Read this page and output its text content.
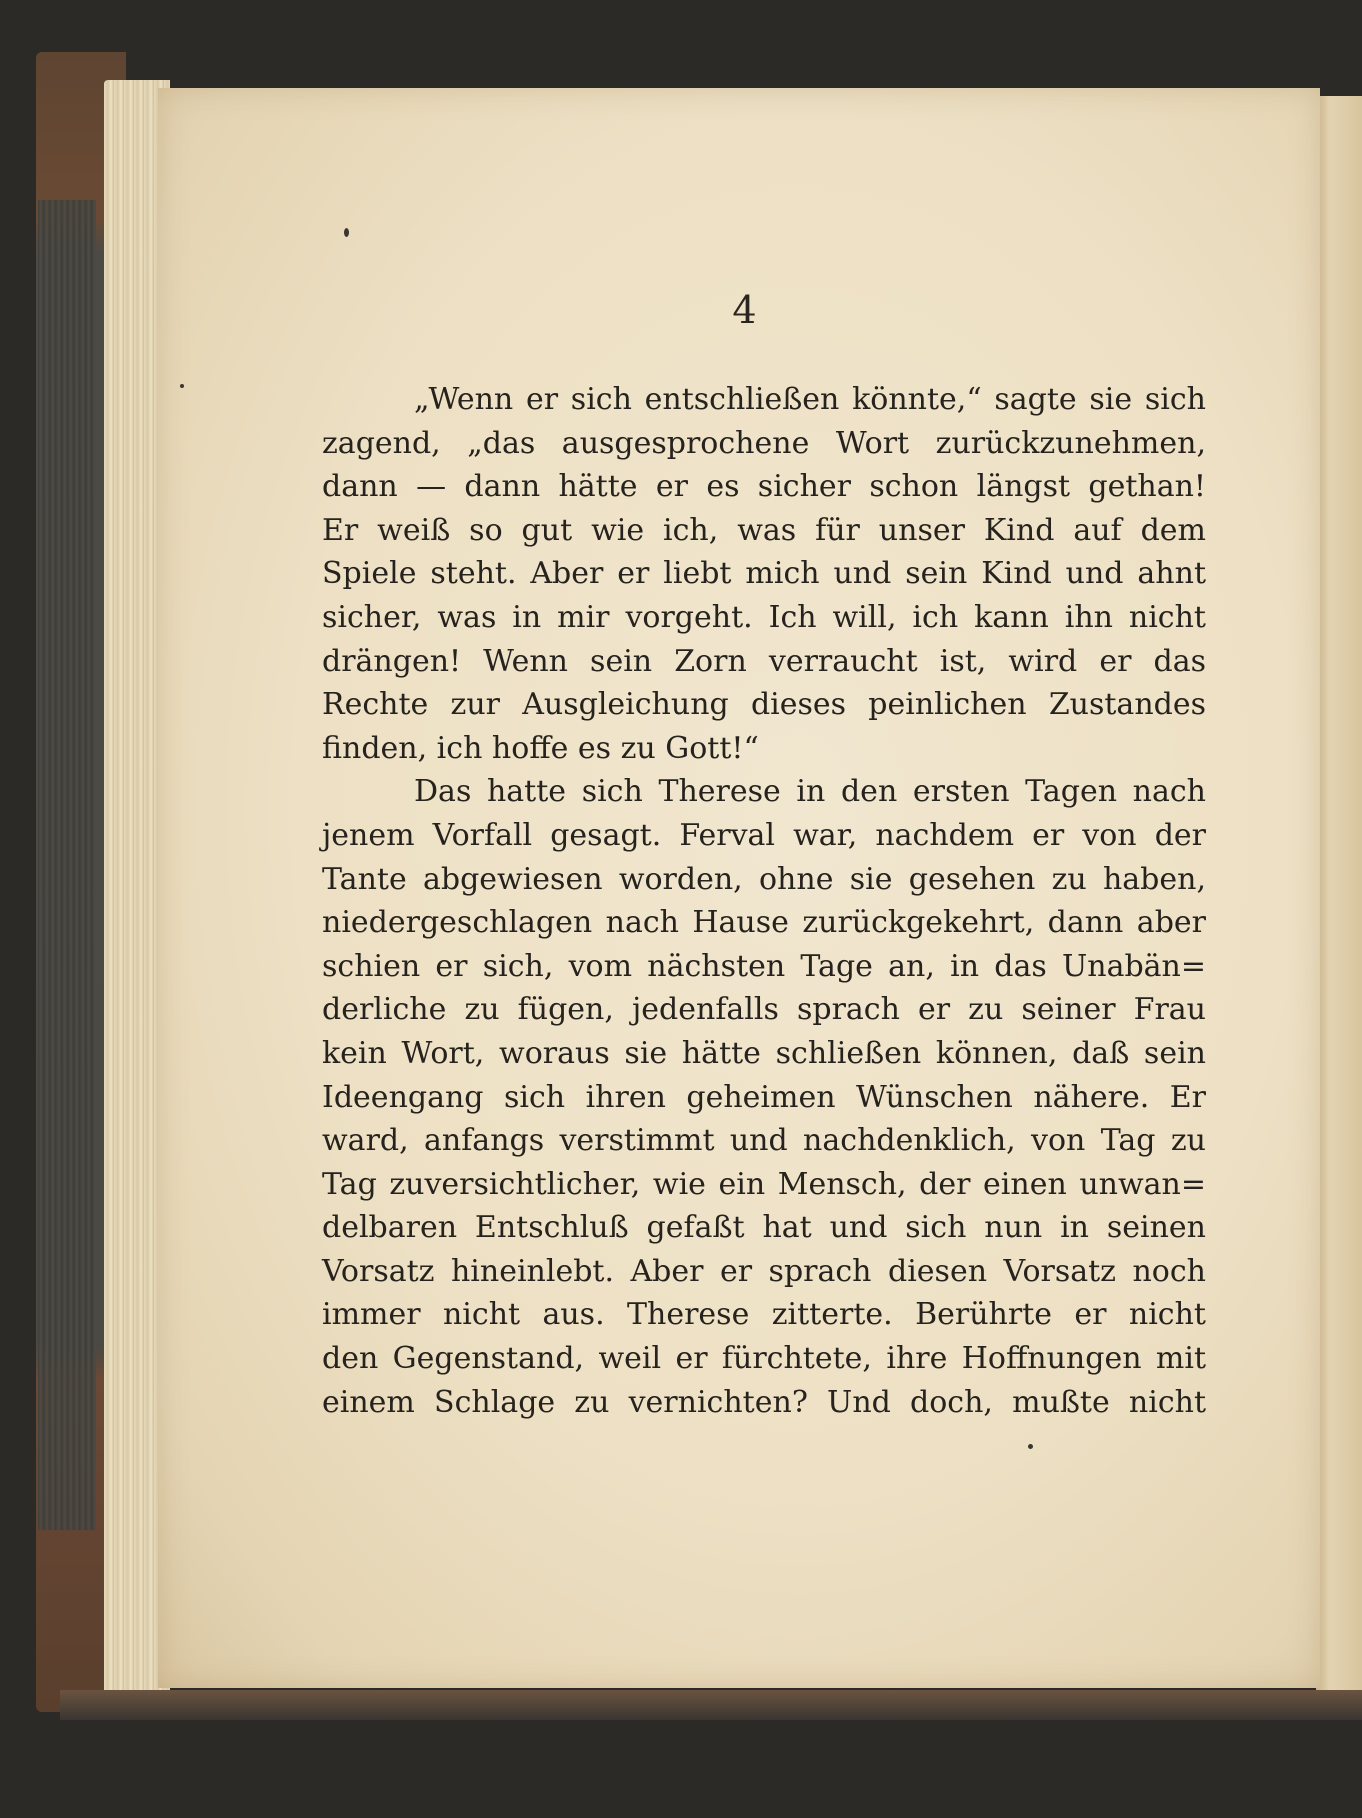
4
„Wenn er sich entschließen könnte,“ sagte sie sich
zagend, „das ausgesprochene Wort zurückzunehmen,
dann — dann hätte er es sicher schon längst gethan!
Er weiß so gut wie ich, was für unser Kind auf dem
Spiele steht. Aber er liebt mich und sein Kind und ahnt
sicher, was in mir vorgeht. Ich will, ich kann ihn nicht
drängen! Wenn sein Zorn verraucht ist, wird er das
Rechte zur Ausgleichung dieses peinlichen Zustandes
finden, ich hoffe es zu Gott!“
Das hatte sich Therese in den ersten Tagen nach
jenem Vorfall gesagt. Ferval war, nachdem er von der
Tante abgewiesen worden, ohne sie gesehen zu haben,
niedergeschlagen nach Hause zurückgekehrt, dann aber
schien er sich, vom nächsten Tage an, in das Unabän=
derliche zu fügen, jedenfalls sprach er zu seiner Frau
kein Wort, woraus sie hätte schließen können, daß sein
Ideengang sich ihren geheimen Wünschen nähere. Er
ward, anfangs verstimmt und nachdenklich, von Tag zu
Tag zuversichtlicher, wie ein Mensch, der einen unwan=
delbaren Entschluß gefaßt hat und sich nun in seinen
Vorsatz hineinlebt. Aber er sprach diesen Vorsatz noch
immer nicht aus. Therese zitterte. Berührte er nicht
den Gegenstand, weil er fürchtete, ihre Hoffnungen mit
einem Schlage zu vernichten? Und doch, mußte nicht
